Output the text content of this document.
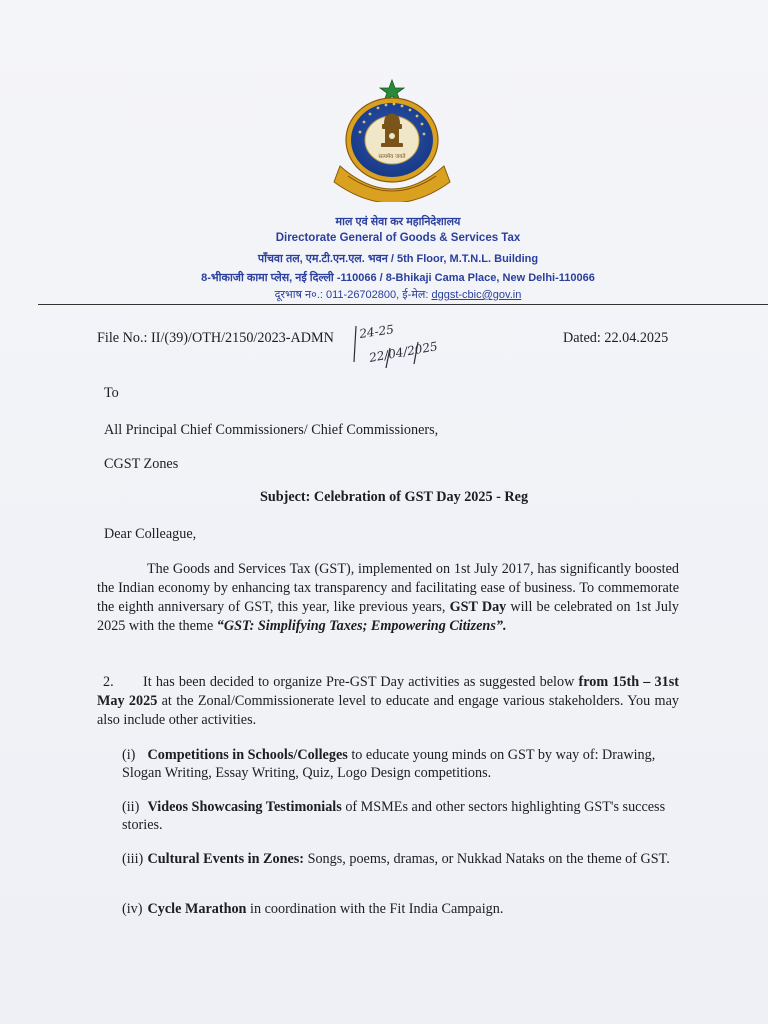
सत्यमेव जयते
माल एवं सेवा कर महानिदेशालय
Directorate General of Goods & Services Tax
पाँचवा तल, एम.टी.एन.एल. भवन / 5th Floor, M.T.N.L. Building
8-भीकाजी कामा प्लेस, नई दिल्ली -110066 / 8-Bhikaji Cama Place, New Delhi-110066
दूरभाष न०.: 011-26702800, ई-मेल: dggst-cbic@gov.in
File No.: II/(39)/OTH/2150/2023-ADMN 24-25
22/04/2025
Dated: 22.04.2025
To
All Principal Chief Commissioners/ Chief Commissioners,
CGST Zones
Subject: Celebration of GST Day 2025 - Reg
Dear Colleague,
The Goods and Services Tax (GST), implemented on 1st July 2017, has significantly boosted the Indian economy by enhancing tax transparency and facilitating ease of business. To commemorate the eighth anniversary of GST, this year, like previous years, GST Day will be celebrated on 1st July 2025 with the theme “GST: Simplifying Taxes; Empowering Citizens”.
2. It has been decided to organize Pre-GST Day activities as suggested below from 15th – 31st May 2025 at the Zonal/Commissionerate level to educate and engage various stakeholders. You may also include other activities.
(i) Competitions in Schools/Colleges to educate young minds on GST by way of: Drawing, Slogan Writing, Essay Writing, Quiz, Logo Design competitions.
(ii) Videos Showcasing Testimonials of MSMEs and other sectors highlighting GST's success stories.
(iii) Cultural Events in Zones: Songs, poems, dramas, or Nukkad Nataks on the theme of GST.
(iv) Cycle Marathon in coordination with the Fit India Campaign.
